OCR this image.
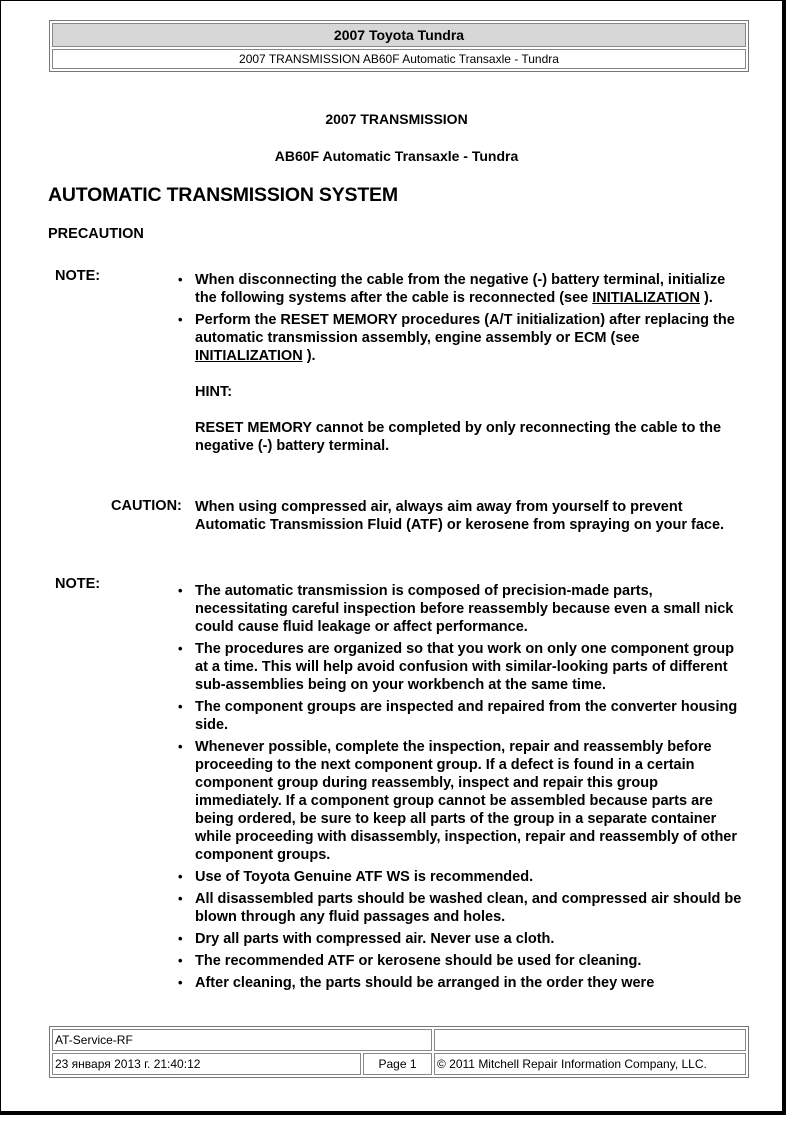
2007 Toyota Tundra
2007 TRANSMISSION AB60F Automatic Transaxle - Tundra
2007 TRANSMISSION
AB60F Automatic Transaxle - Tundra
AUTOMATIC TRANSMISSION SYSTEM
PRECAUTION
NOTE:	• When disconnecting the cable from the negative (-) battery terminal, initialize the following systems after the cable is reconnected (see INITIALIZATION ).
• Perform the RESET MEMORY procedures (A/T initialization) after replacing the automatic transmission assembly, engine assembly or ECM (see INITIALIZATION ).

HINT:

RESET MEMORY cannot be completed by only reconnecting the cable to the negative (-) battery terminal.

CAUTION: When using compressed air, always aim away from yourself to prevent Automatic Transmission Fluid (ATF) or kerosene from spraying on your face.
NOTE:	• The automatic transmission is composed of precision-made parts, necessitating careful inspection before reassembly because even a small nick could cause fluid leakage or affect performance.
• The procedures are organized so that you work on only one component group at a time. This will help avoid confusion with similar-looking parts of different sub-assemblies being on your workbench at the same time.
• The component groups are inspected and repaired from the converter housing side.
• Whenever possible, complete the inspection, repair and reassembly before proceeding to the next component group. If a defect is found in a certain component group during reassembly, inspect and repair this group immediately. If a component group cannot be assembled because parts are being ordered, be sure to keep all parts of the group in a separate container while proceeding with disassembly, inspection, repair and reassembly of other component groups.
• Use of Toyota Genuine ATF WS is recommended.
• All disassembled parts should be washed clean, and compressed air should be blown through any fluid passages and holes.
• Dry all parts with compressed air. Never use a cloth.
• The recommended ATF or kerosene should be used for cleaning.
• After cleaning, the parts should be arranged in the order they were
AT-Service-RF		
23 января 2013 г. 21:40:12	Page 1	© 2011 Mitchell Repair Information Company, LLC.
